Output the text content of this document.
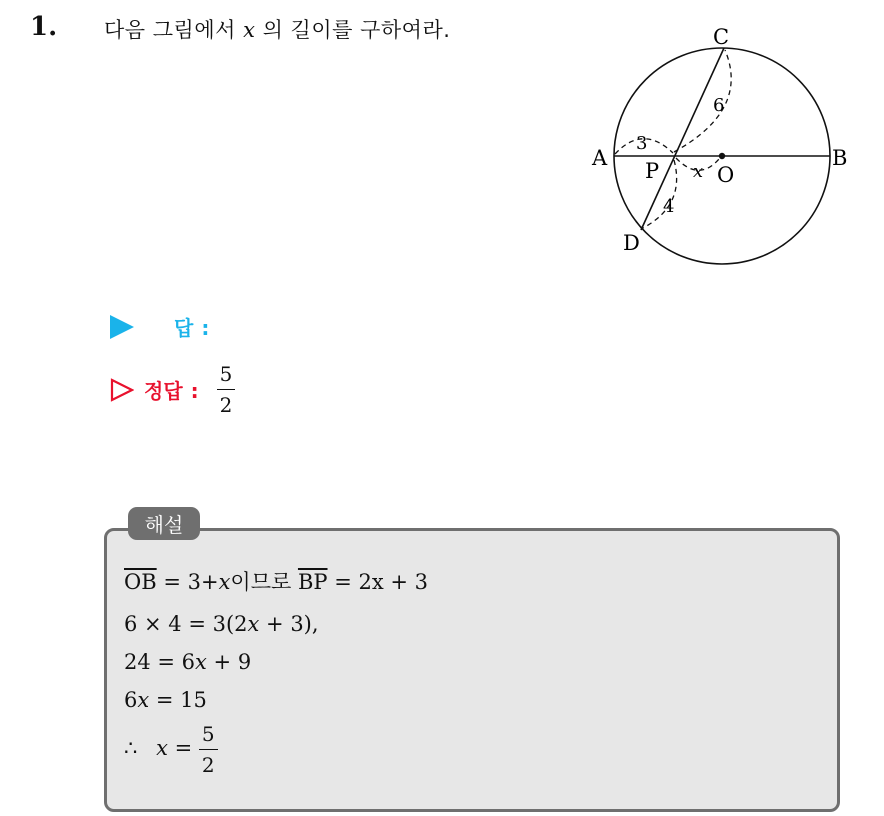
1. 다음 그림에서 x 의 길이를 구하여라.	C
A	B
D
P	O
x
3
6
4
답 :
정답 : $\frac{5}{2}$
해설
$\overline{OB} = 3+x$이므로 $\overline{BP} = 2x + 3$
6 × 4 = 3(2x + 3),
24 = 6x + 9
6x = 15
∴ $x = \frac{5}{2}$
